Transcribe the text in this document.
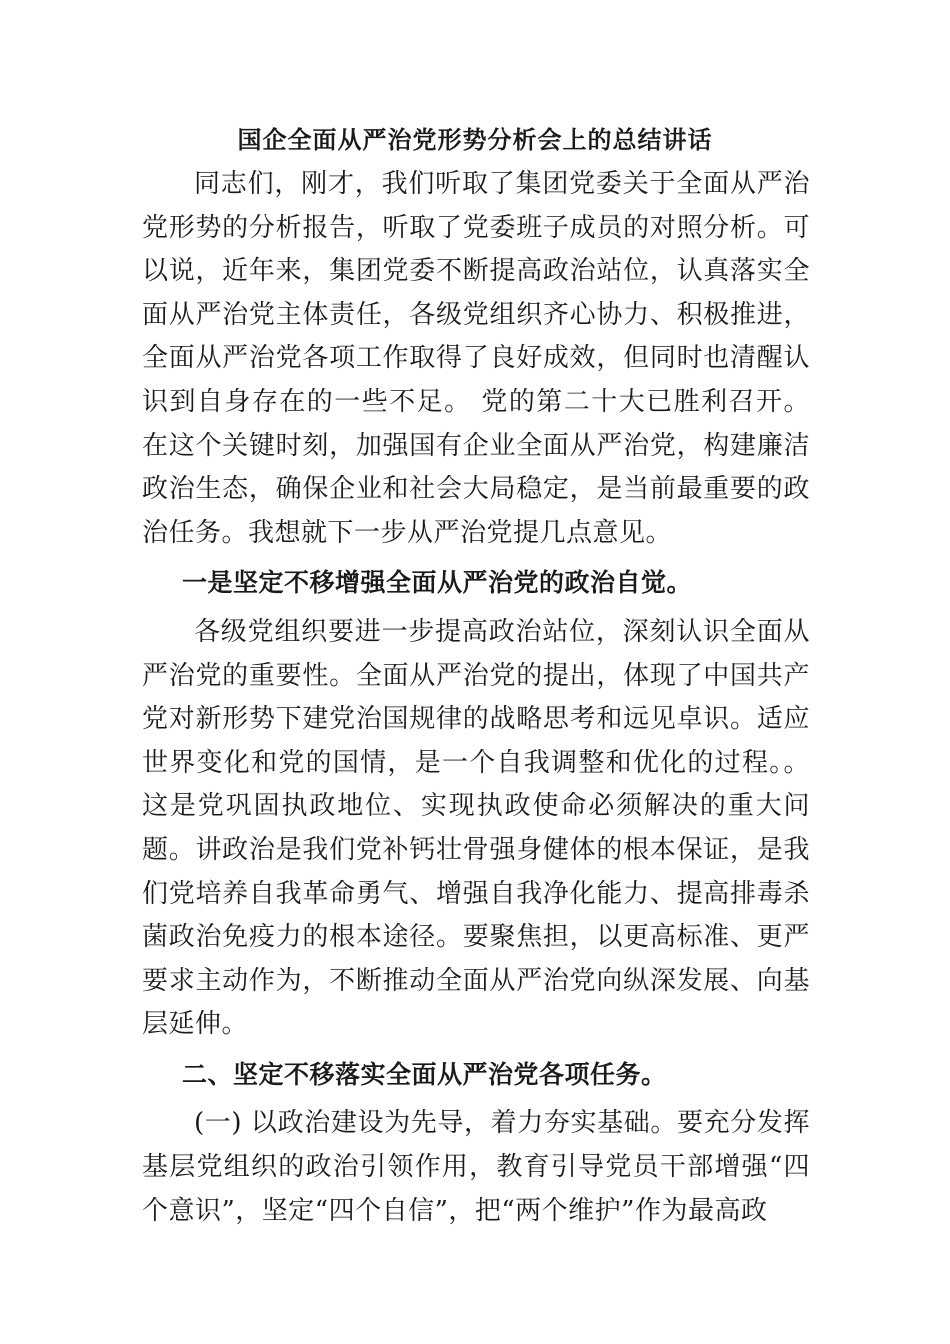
国企全面从严治党形势分析会上的总结讲话

同志们，刚才，我们听取了集团党委关于全面从严治党形势的分析报告，听取了党委班子成员的对照分析。可以说，近年来，集团党委不断提高政治站位，认真落实全面从严治党主体责任，各级党组织齐心协力、积极推进，全面从严治党各项工作取得了良好成效，但同时也清醒认识到自身存在的一些不足。 党的第二十大已胜利召开。在这个关键时刻，加强国有企业全面从严治党，构建廉洁政治生态，确保企业和社会大局稳定，是当前最重要的政治任务。我想就下一步从严治党提几点意见。

一是坚定不移增强全面从严治党的政治自觉。

各级党组织要进一步提高政治站位，深刻认识全面从严治党的重要性。全面从严治党的提出，体现了中国共产党对新形势下建党治国规律的战略思考和远见卓识。适应世界变化和党的国情，是一个自我调整和优化的过程。。这是党巩固执政地位、实现执政使命必须解决的重大问题。讲政治是我们党补钙壮骨强身健体的根本保证，是我们党培养自我革命勇气、增强自我净化能力、提高排毒杀菌政治免疫力的根本途径。要聚焦担，以更高标准、更严要求主动作为，不断推动全面从严治党向纵深发展、向基层延伸。

二、坚定不移落实全面从严治党各项任务。

(一) 以政治建设为先导，着力夯实基础。要充分发挥基层党组织的政治引领作用，教育引导党员干部增强“四个意识”，坚定“四个自信”，把“两个维护”作为最高政
